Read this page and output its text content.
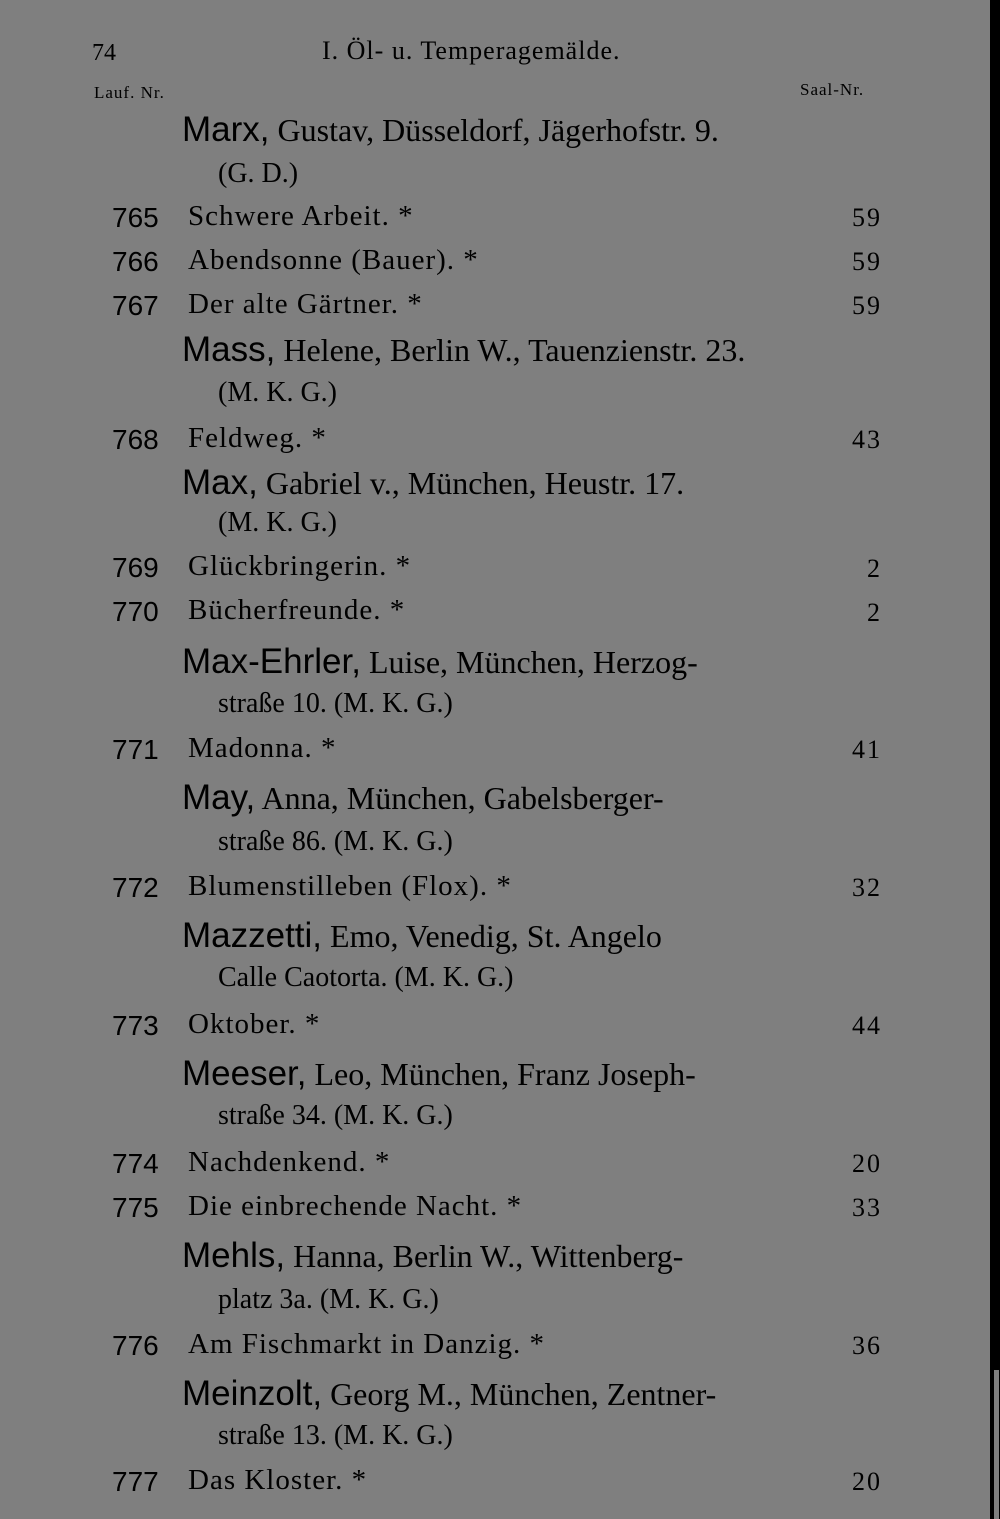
74	I. Öl- u. Temperagemälde.
Lauf. Nr.	Saal-Nr.
Marx, Gustav, Düsseldorf, Jägerhofstr. 9.
(G. D.)
765	Schwere Arbeit. *	59
766	Abendsonne (Bauer). *	59
767	Der alte Gärtner. *	59
Mass, Helene, Berlin W., Tauenzienstr. 23.
(M. K. G.)
768	Feldweg. *	43
Max, Gabriel v., München, Heustr. 17.
(M. K. G.)
769	Glückbringerin. *	2
770	Bücherfreunde. *	2
Max-Ehrler, Luise, München, Herzog-
straße 10. (M. K. G.)
771	Madonna. *	41
May, Anna, München, Gabelsberger-
straße 86. (M. K. G.)
772	Blumenstilleben (Flox). *	32
Mazzetti, Emo, Venedig, St. Angelo
Calle Caotorta. (M. K. G.)
773	Oktober. *	44
Meeser, Leo, München, Franz Joseph-
straße 34. (M. K. G.)
774	Nachdenkend. *	20
775	Die einbrechende Nacht. *	33
Mehls, Hanna, Berlin W., Wittenberg-
platz 3a. (M. K. G.)
776	Am Fischmarkt in Danzig. *	36
Meinzolt, Georg M., München, Zentner-
straße 13. (M. K. G.)
777	Das Kloster. *	20
